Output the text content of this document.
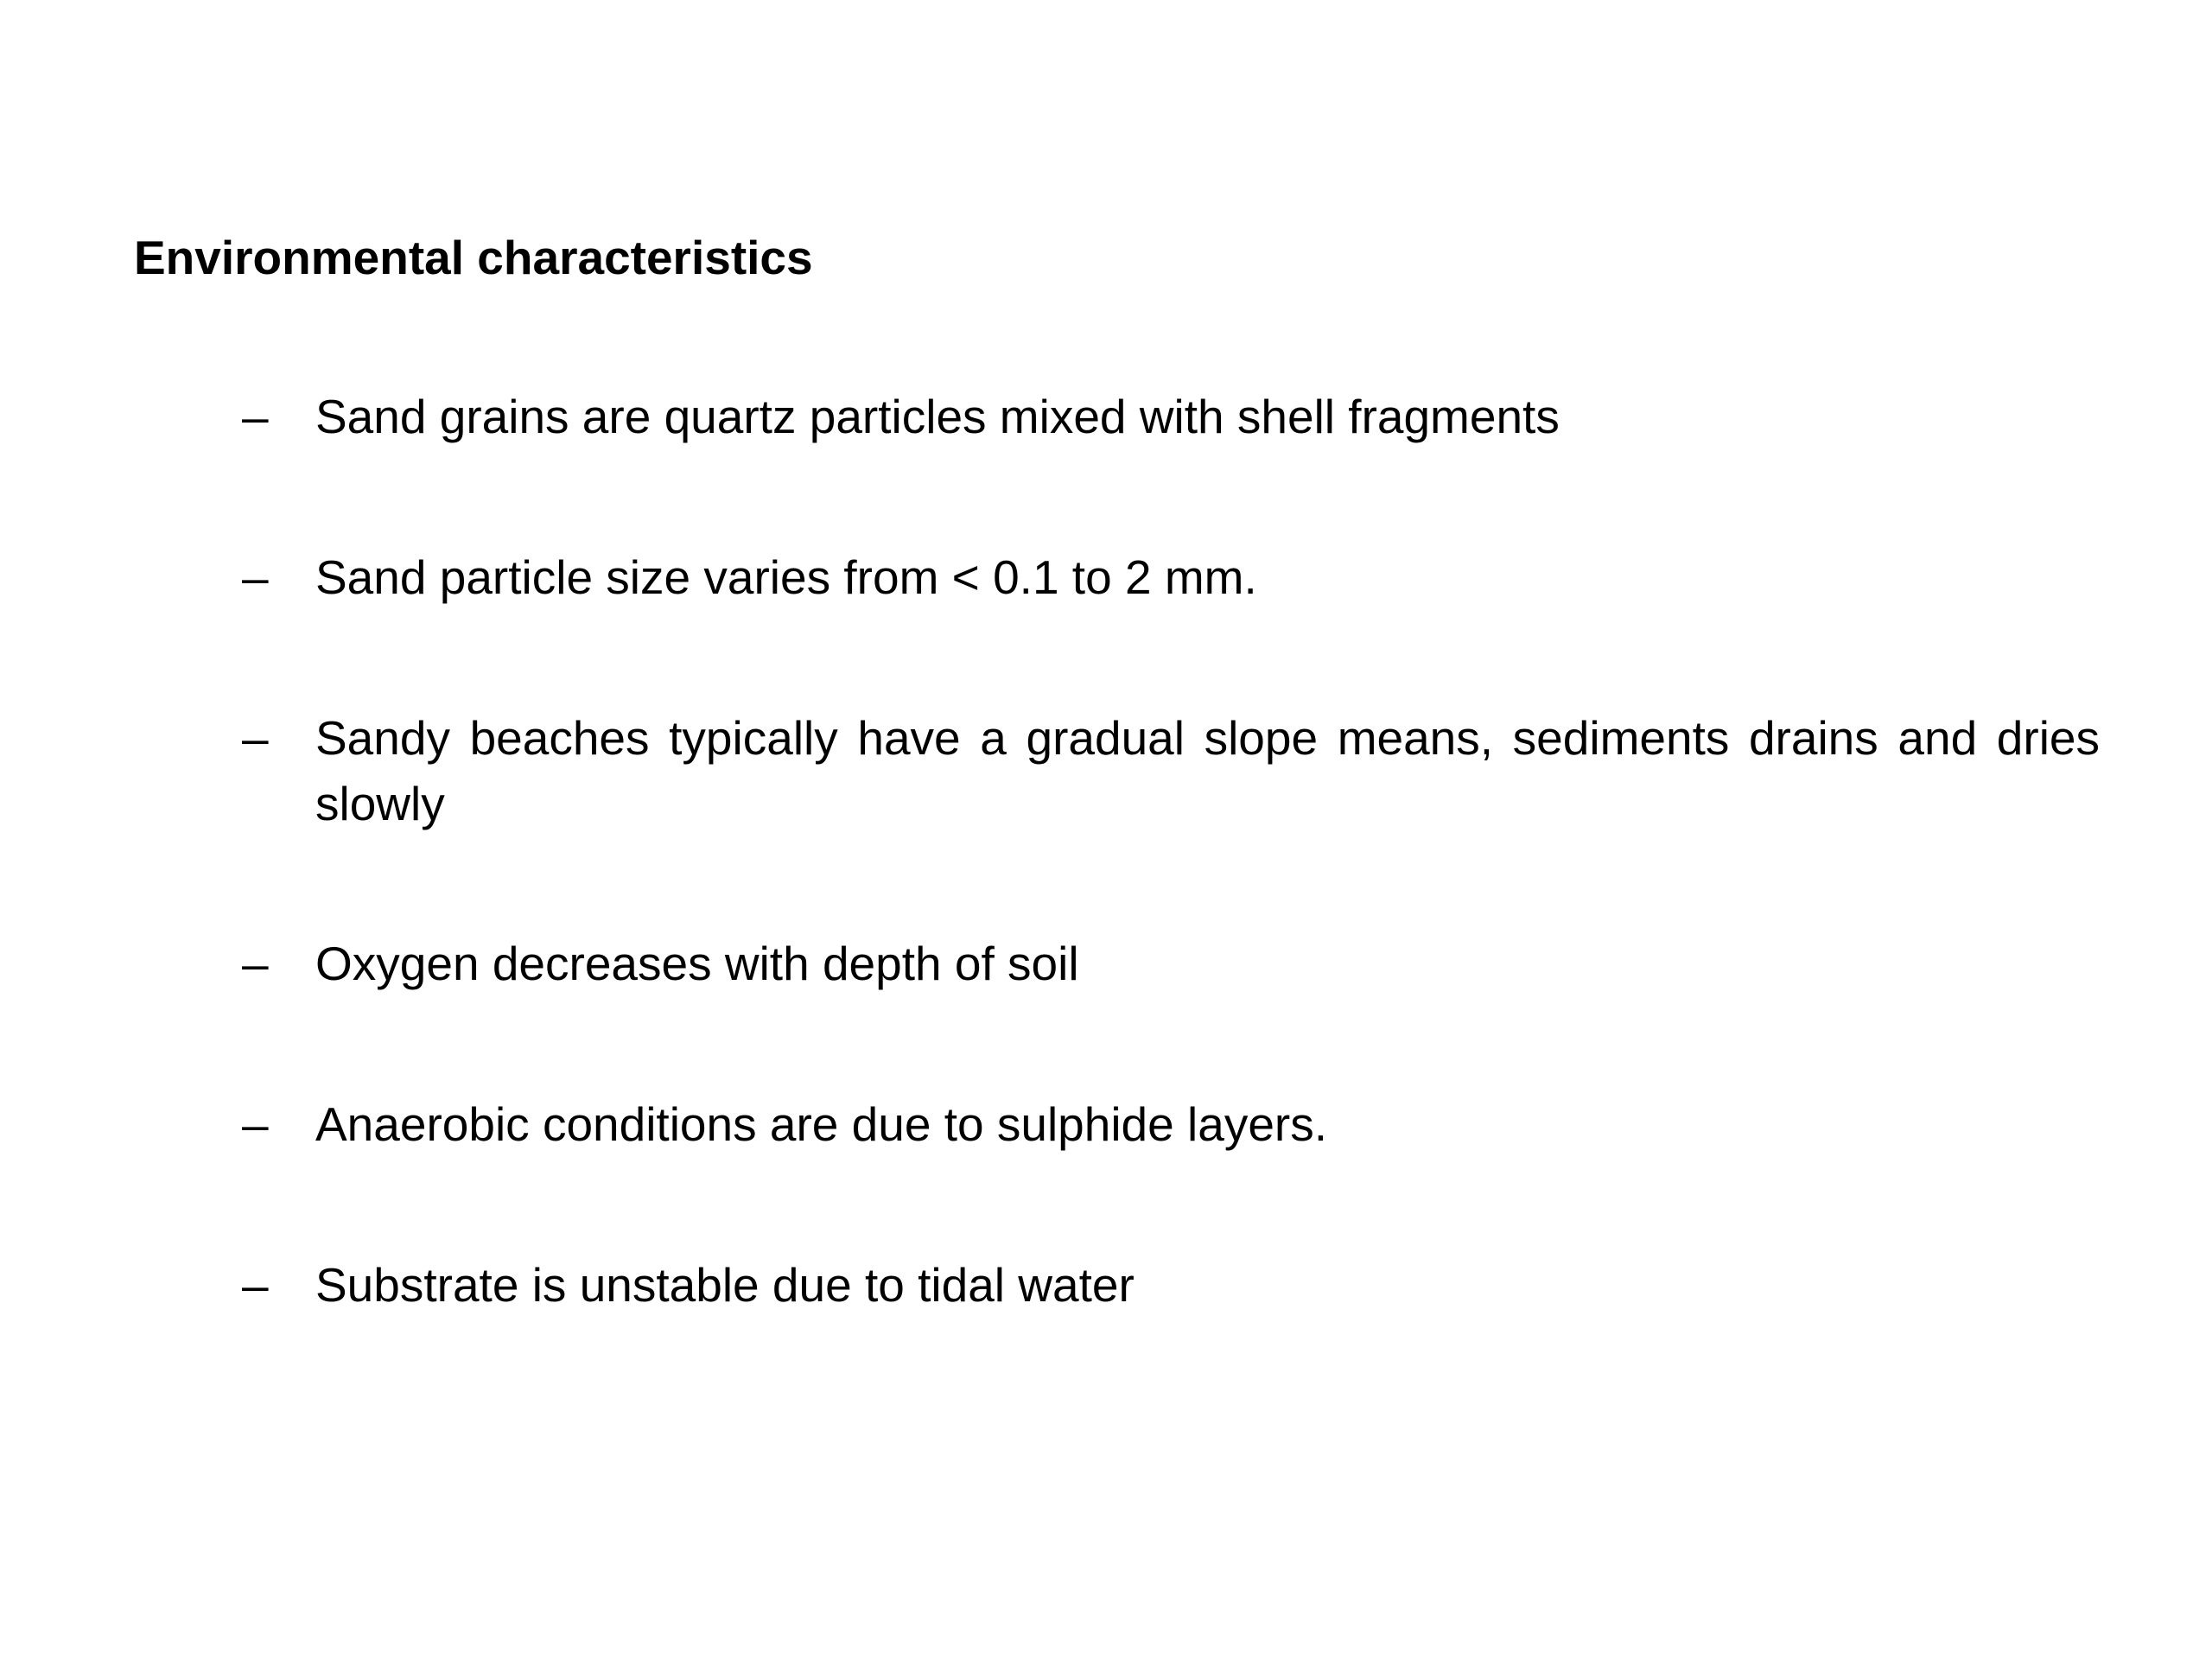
Environmental characteristics
– Sand grains are quartz particles mixed with shell fragments
– Sand particle size varies from < 0.1 to 2 mm.
– Sandy beaches typically have a gradual slope means, sediments drains and dries slowly
– Oxygen decreases with depth of soil
– Anaerobic conditions are due to sulphide layers.
– Substrate is unstable due to tidal water
